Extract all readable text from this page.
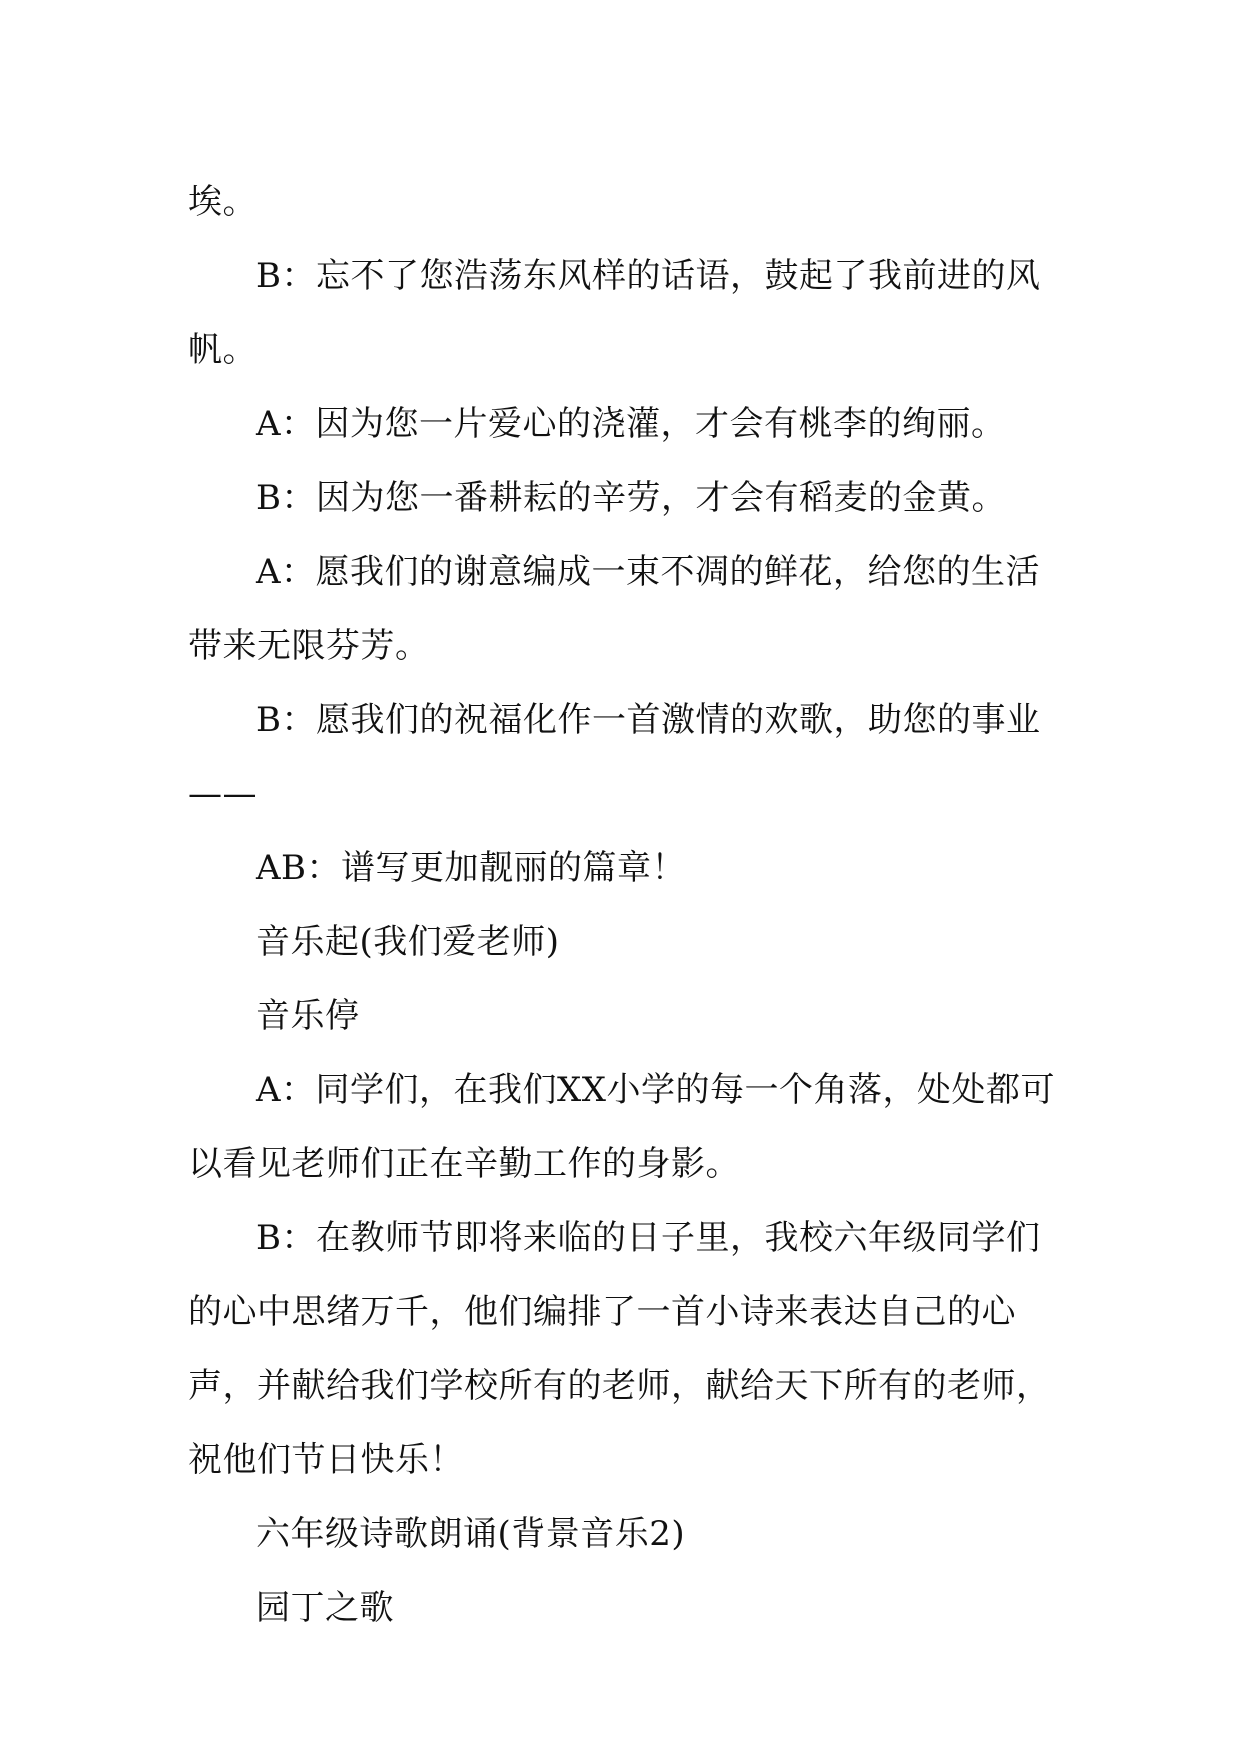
埃。

B：忘不了您浩荡东风样的话语，鼓起了我前进的风帆。

A：因为您一片爱心的浇灌，才会有桃李的绚丽。

B：因为您一番耕耘的辛劳，才会有稻麦的金黄。

A：愿我们的谢意编成一束不凋的鲜花，给您的生活带来无限芬芳。

B：愿我们的祝福化作一首激情的欢歌，助您的事业——

AB：谱写更加靓丽的篇章！

音乐起(我们爱老师)

音乐停

A：同学们，在我们XX小学的每一个角落，处处都可以看见老师们正在辛勤工作的身影。

B：在教师节即将来临的日子里，我校六年级同学们的心中思绪万千，他们编排了一首小诗来表达自己的心声，并献给我们学校所有的老师，献给天下所有的老师，祝他们节日快乐！

六年级诗歌朗诵(背景音乐2)

园丁之歌
